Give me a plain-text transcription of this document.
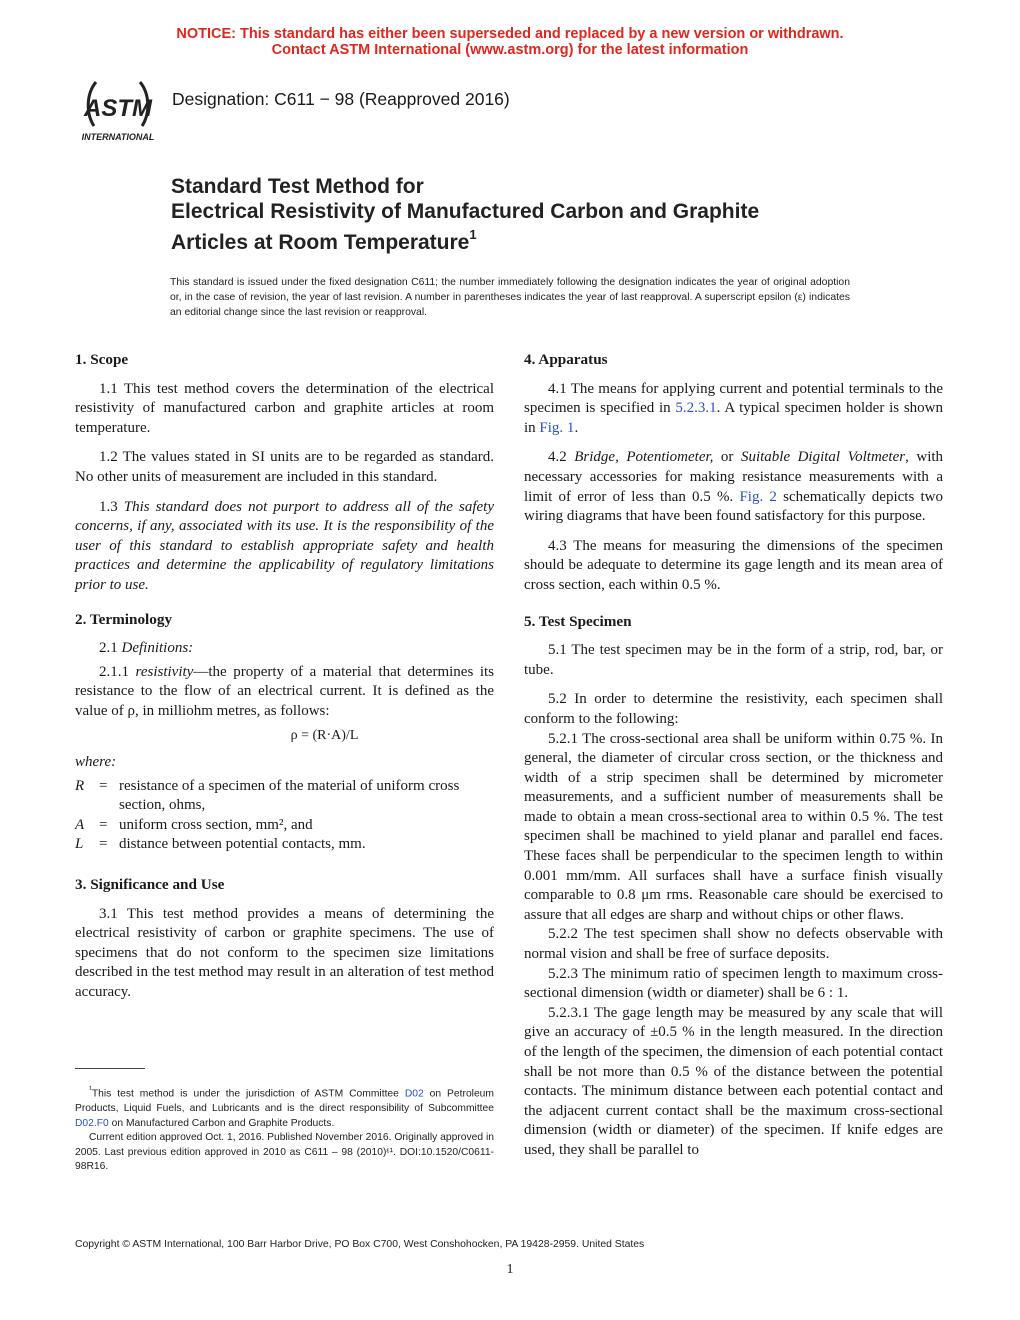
NOTICE: This standard has either been superseded and replaced by a new version or withdrawn.
Contact ASTM International (www.astm.org) for the latest information
ASTM
INTERNATIONAL
Designation: C611 − 98 (Reapproved 2016)
Standard Test Method for
Electrical Resistivity of Manufactured Carbon and Graphite
Articles at Room Temperature$^1$
This standard is issued under the fixed designation C611; the number immediately following the designation indicates the year of original adoption or, in the case of revision, the year of last revision. A number in parentheses indicates the year of last reapproval. A superscript epsilon (ε) indicates an editorial change since the last revision or reapproval.
1. Scope

1.1 This test method covers the determination of the electrical resistivity of manufactured carbon and graphite articles at room temperature.

1.2 The values stated in SI units are to be regarded as standard. No other units of measurement are included in this standard.

1.3 This standard does not purport to address all of the safety concerns, if any, associated with its use. It is the responsibility of the user of this standard to establish appropriate safety and health practices and determine the applicability of regulatory limitations prior to use.

2. Terminology

2.1 Definitions:

2.1.1 resistivity—the property of a material that determines its resistance to the flow of an electrical current. It is defined as the value of ρ, in milliohm metres, as follows:

ρ = (R·A)/L
where:
R = resistance of a specimen of the material of uniform cross section, ohms,
A = uniform cross section, mm², and
L	= distance between potential contacts, mm.
3. Significance and Use

3.1 This test method provides a means of determining the electrical resistivity of carbon or graphite specimens. The use of specimens that do not conform to the specimen size limitations described in the test method may result in an alteration of test method accuracy.

4. Apparatus

4.1 The means for applying current and potential terminals to the specimen is specified in 5.2.3.1. A typical specimen holder is shown in Fig. 1.

4.2 Bridge, Potentiometer, or Suitable Digital Voltmeter, with necessary accessories for making resistance measurements with a limit of error of less than 0.5 %. Fig. 2 schematically depicts two wiring diagrams that have been found satisfactory for this purpose.

4.3 The means for measuring the dimensions of the specimen should be adequate to determine its gage length and its mean area of cross section, each within 0.5 %.

5. Test Specimen

5.1 The test specimen may be in the form of a strip, rod, bar, or tube.

5.2 In order to determine the resistivity, each specimen shall conform to the following:

5.2.1 The cross-sectional area shall be uniform within 0.75 %. In general, the diameter of circular cross section, or the thickness and width of a strip specimen shall be determined by micrometer measurements, and a sufficient number of measurements shall be made to obtain a mean cross-sectional area to within 0.5 %. The test specimen shall be machined to yield planar and parallel end faces. These faces shall be perpendicular to the specimen length to within 0.001 mm/mm. All surfaces shall have a surface finish visually comparable to 0.8 μm rms. Reasonable care should be exercised to assure that all edges are sharp and without chips or other flaws.

5.2.2 The test specimen shall show no defects observable with normal vision and shall be free of surface deposits.

5.2.3 The minimum ratio of specimen length to maximum cross-sectional dimension (width or diameter) shall be 6 : 1.

5.2.3.1 The gage length may be measured by any scale that will give an accuracy of ±0.5 % in the length measured. In the direction of the length of the specimen, the dimension of each potential contact shall be not more than 0.5 % of the distance between the potential contacts. The minimum distance between each potential contact and the adjacent current contact shall be the maximum cross-sectional dimension (width or diameter) of the specimen. If knife edges are used, they shall be parallel to

$^{^1}$This test method is under the jurisdiction of ASTM Committee D02 on Petroleum Products, Liquid Fuels, and Lubricants and is the direct responsibility of Subcommittee D02.F0 on Manufactured Carbon and Graphite Products.

Current edition approved Oct. 1, 2016. Published November 2016. Originally approved in 2005. Last previous edition approved in 2010 as C611 – 98 (2010)ᵋ¹. DOI:10.1520/C0611-98R16.

Copyright © ASTM International, 100 Barr Harbor Drive, PO Box C700, West Conshohocken, PA 19428-2959. United States
1
